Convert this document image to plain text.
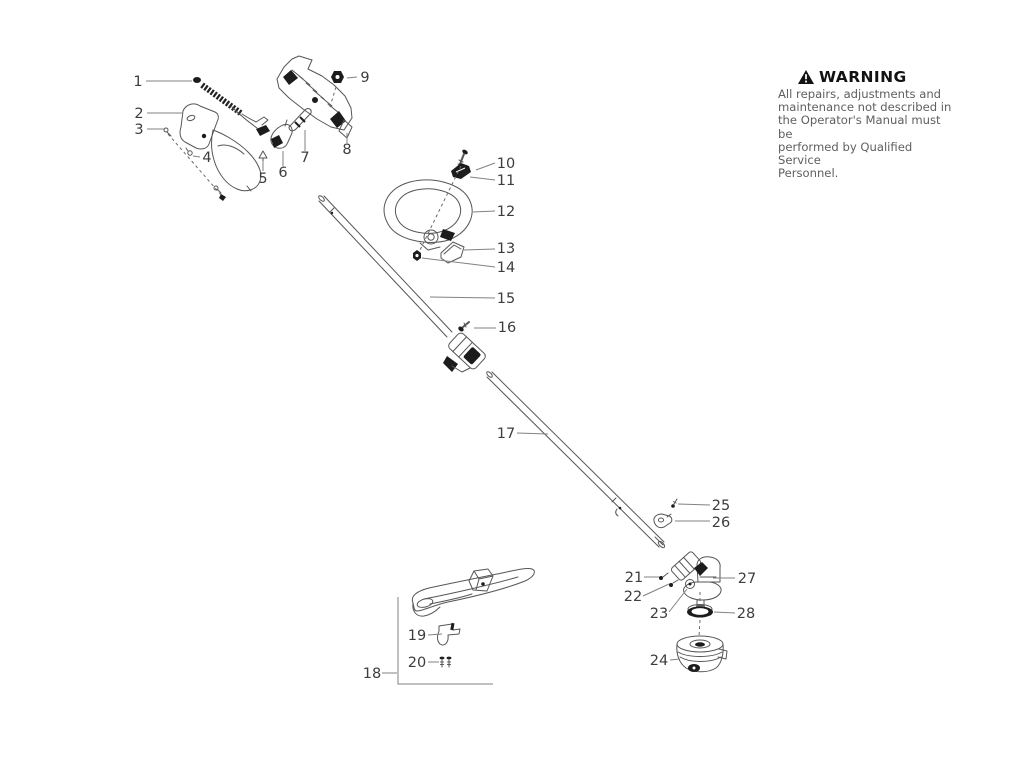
1
2
3
4
5 6
7 8
9
10
11
12
13
14
15
16
17
18
19
20
21
22
23
24
25
26
27
28
WARNING
All repairs, adjustments and
maintenance not described in
the Operator's Manual must be
performed by Qualified Service
Personnel.
